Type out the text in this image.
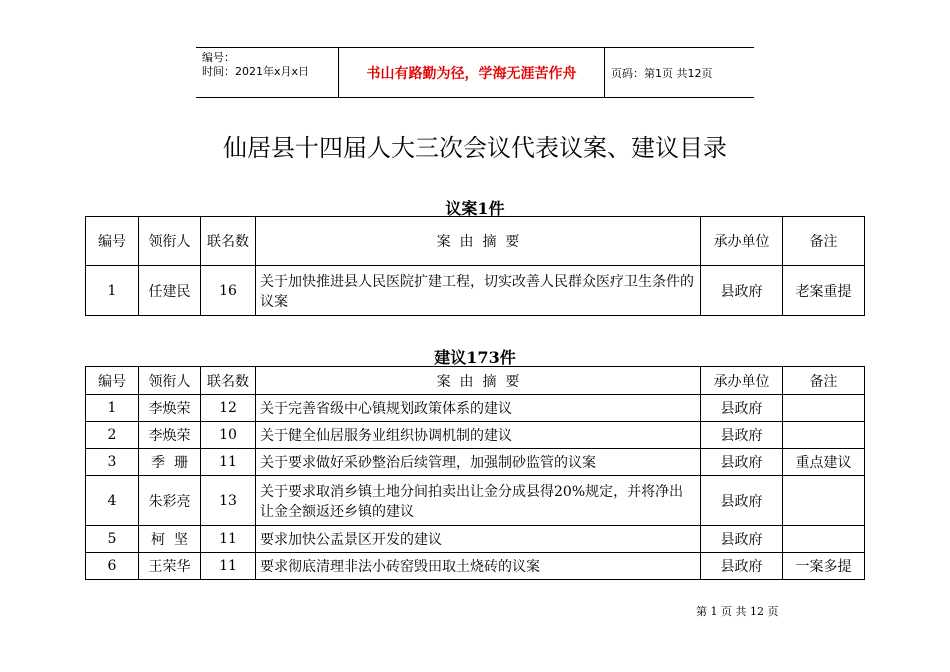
编号：
时间：2021年x月x日	书山有路勤为径，学海无涯苦作舟	页码：第1页 共12页
仙居县十四届人大三次会议代表议案、建议目录
议案1件
编号	领衔人	联名数	案  由  摘  要	承办单位	备注
1	任建民	16	关于加快推进县人民医院扩建工程，切实改善人民群众医疗卫生条件的议案	县政府	老案重提
建议173件
编号	领衔人	联名数	案  由  摘  要	承办单位	备注
1	李焕荣	12	关于完善省级中心镇规划政策体系的建议	县政府	
2	李焕荣	10	关于健全仙居服务业组织协调机制的建议	县政府	
3	季  珊	11	关于要求做好采砂整治后续管理，加强制砂监管的议案	县政府	重点建议
4	朱彩亮	13	关于要求取消乡镇土地分间拍卖出让金分成县得20%规定，并将净出让金全额返还乡镇的建议	县政府	
5	柯  坚	11	要求加快公盂景区开发的建议	县政府	
6	王荣华	11	要求彻底清理非法小砖窑毁田取土烧砖的议案	县政府	一案多提
第 1 页 共 12 页
